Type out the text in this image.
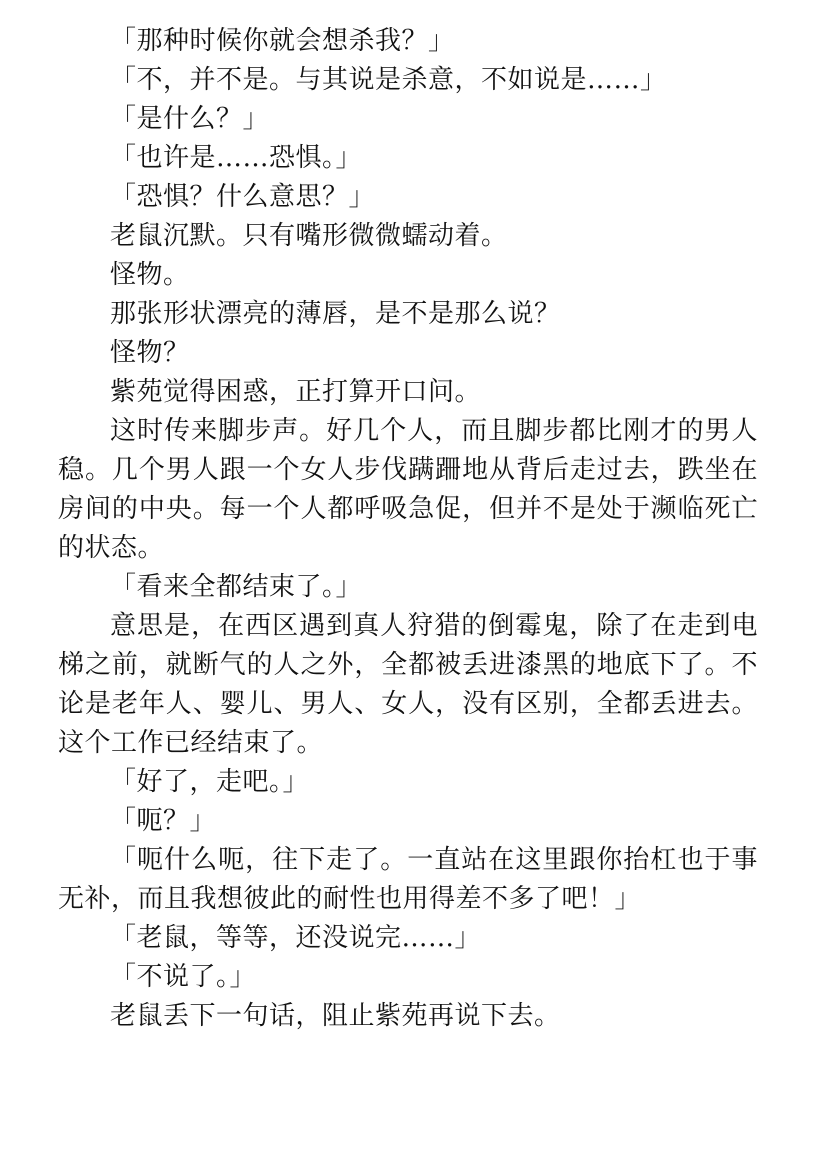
「那种时候你就会想杀我？」

「不，并不是。与其说是杀意，不如说是……」

「是什么？」

「也许是……恐惧。」

「恐惧？什么意思？」

老鼠沉默。只有嘴形微微蠕动着。

怪物。

那张形状漂亮的薄唇，是不是那么说？

怪物？

紫苑觉得困惑，正打算开口问。

这时传来脚步声。好几个人，而且脚步都比刚才的男人稳。几个男人跟一个女人步伐蹒跚地从背后走过去，跌坐在房间的中央。每一个人都呼吸急促，但并不是处于濒临死亡的状态。

「看来全都结束了。」

意思是，在西区遇到真人狩猎的倒霉鬼，除了在走到电梯之前，就断气的人之外，全都被丢进漆黑的地底下了。不论是老年人、婴儿、男人、女人，没有区别，全都丢进去。这个工作已经结束了。

「好了，走吧。」

「呃？」

「呃什么呃，往下走了。一直站在这里跟你抬杠也于事无补，而且我想彼此的耐性也用得差不多了吧！」

「老鼠，等等，还没说完……」

「不说了。」

老鼠丢下一句话，阻止紫苑再说下去。
